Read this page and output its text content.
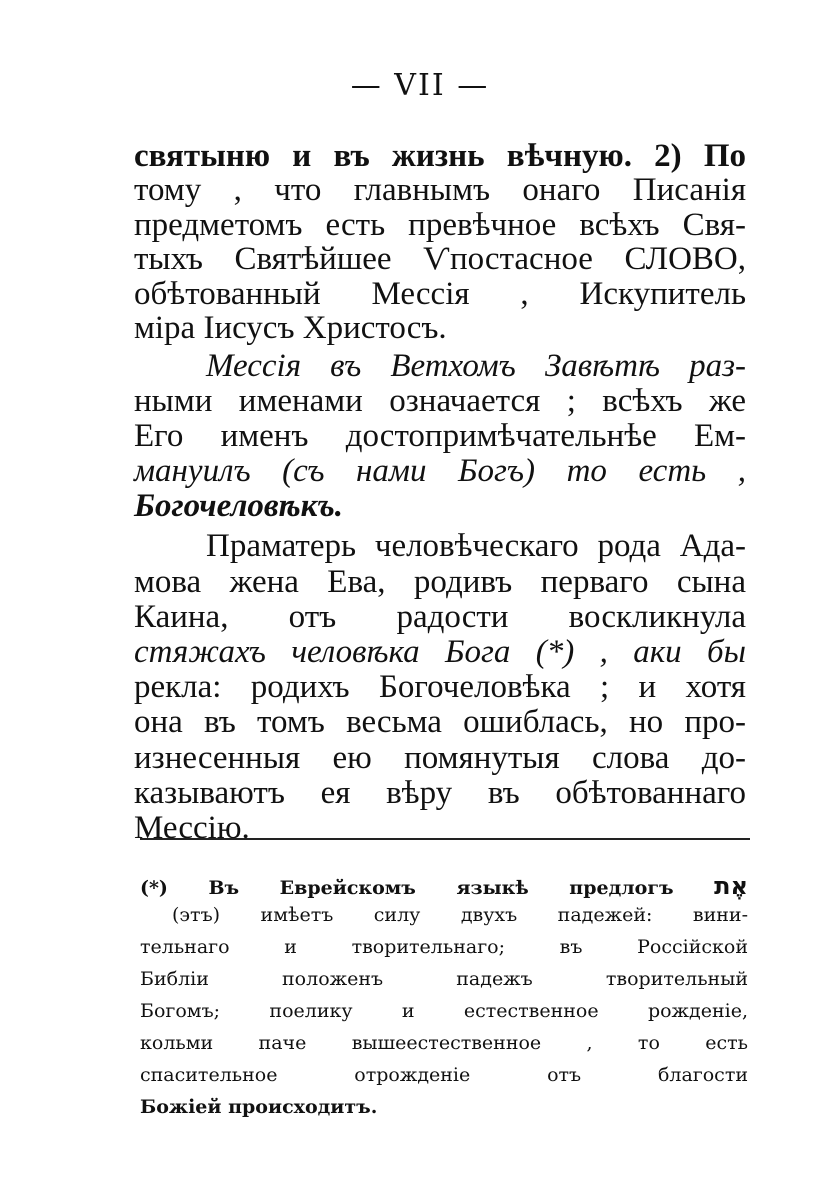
— VII —
святыню и въ жизнь вѣчную. 2) По
тому , что главнымъ онаго Писанія
предметомъ есть превѣчное всѣхъ Свя-
тыхъ Святѣйшее Ѵпостасное СЛОВО,
обѣтованный Мессія , Искупитель
міра Іисусъ Христосъ.
Мессія въ Ветхомъ Завѣтѣ раз-
ными именами означается ; всѣхъ же
Его именъ достопримѣчательнѣе Ем-
мануилъ (съ нами Богъ) то есть ,
Богочеловѣкъ.
Праматерь человѣческаго рода Ада-
мова жена Ева, родивъ перваго сына
Каина, отъ радости воскликнула
стяжахъ человѣка Бога (*) , аки бы
рекла: родихъ Богочеловѣка ; и хотя
она въ томъ весьма ошиблась, но про-
изнесенныя ею помянутыя слова до-
казываютъ ея вѣру въ обѣтованнаго
Мессію.
(*) Въ Еврейскомъ языкѣ предлогъ אֶת
(этъ) имѣетъ силу двухъ падежей: вини-
тельнаго и творительнаго; въ Россійской
Библіи положенъ падежъ творительный
Богомъ; поелику и естественное рожденіе,
кольми паче вышеестественное , то есть
спасительное отрожденіе отъ благости
Божіей происходитъ.
